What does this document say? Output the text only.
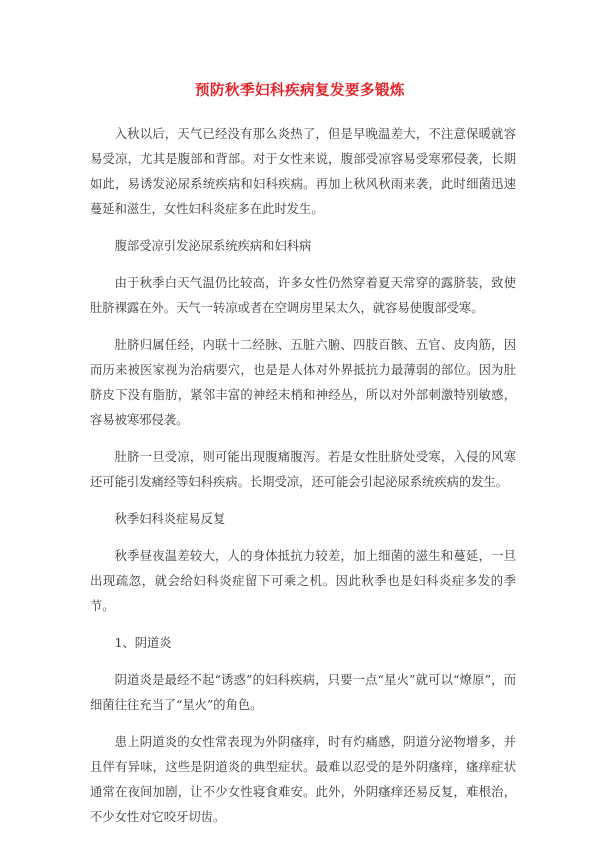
预防秋季妇科疾病复发要多锻炼

入秋以后，天气已经没有那么炎热了，但是早晚温差大，不注意保暖就容易受凉，尤其是腹部和背部。对于女性来说，腹部受凉容易受寒邪侵袭，长期如此，易诱发泌尿系统疾病和妇科疾病。再加上秋风秋雨来袭，此时细菌迅速蔓延和滋生，女性妇科炎症多在此时发生。

腹部受凉引发泌尿系统疾病和妇科病

由于秋季白天气温仍比较高，许多女性仍然穿着夏天常穿的露脐装，致使肚脐裸露在外。天气一转凉或者在空调房里呆太久，就容易使腹部受寒。

肚脐归属任经，内联十二经脉、五脏六腑、四肢百骸、五官、皮肉筋，因而历来被医家视为治病要穴，也是是人体对外界抵抗力最薄弱的部位。因为肚脐皮下没有脂肪，紧邻丰富的神经末梢和神经丛，所以对外部刺激特别敏感，容易被寒邪侵袭。

肚脐一旦受凉，则可能出现腹痛腹泻。若是女性肚脐处受寒，入侵的风寒还可能引发痛经等妇科疾病。长期受凉，还可能会引起泌尿系统疾病的发生。

秋季妇科炎症易反复

秋季昼夜温差较大，人的身体抵抗力较差，加上细菌的滋生和蔓延，一旦出现疏忽，就会给妇科炎症留下可乘之机。因此秋季也是妇科炎症多发的季节。

1、阴道炎

阴道炎是最经不起“诱惑”的妇科疾病，只要一点“星火”就可以“燎原”，而细菌往往充当了“星火”的角色。

患上阴道炎的女性常表现为外阴瘙痒，时有灼痛感，阴道分泌物增多，并且伴有异味，这些是阴道炎的典型症状。最难以忍受的是外阴瘙痒，瘙痒症状通常在夜间加剧，让不少女性寝食难安。此外，外阴瘙痒还易反复，难根治，不少女性对它咬牙切齿。
